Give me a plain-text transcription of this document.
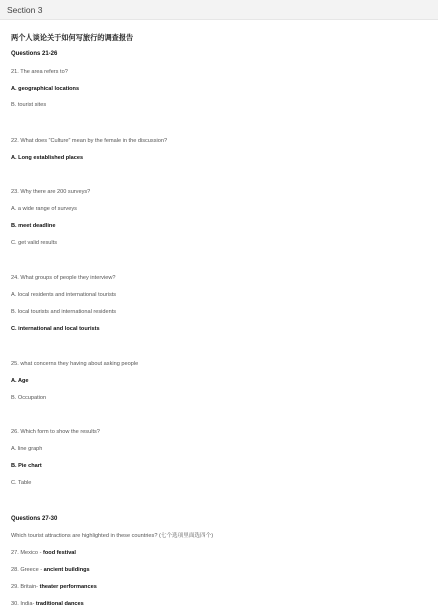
Section 3
两个人谈论关于如何写旅行的调查报告
Questions 21-26
21. The area refers to?
A. geographical locations
B. tourist sites
22. What does “Culture” mean by the female in the discussion?
A. Long established places
23. Why there are 200 surveys?
A. a wide range of surveys
B. meet deadline
C. get valid results
24. What groups of people they interview?
A. local residents and international tourists
B. local tourists and international residents
C. international and local tourists
25. what concerns they having about asking people
A. Age
B. Occupation
26. Which form to show the results?
A. line graph
B. Pie chart
C. Table
Questions 27-30
Which tourist attractions are highlighted in these countries? (七个选项里面选四个)
27. Mexico - food festival
28. Greece - ancient buildings
29. Britain- theater performances
30. India- traditional dances
